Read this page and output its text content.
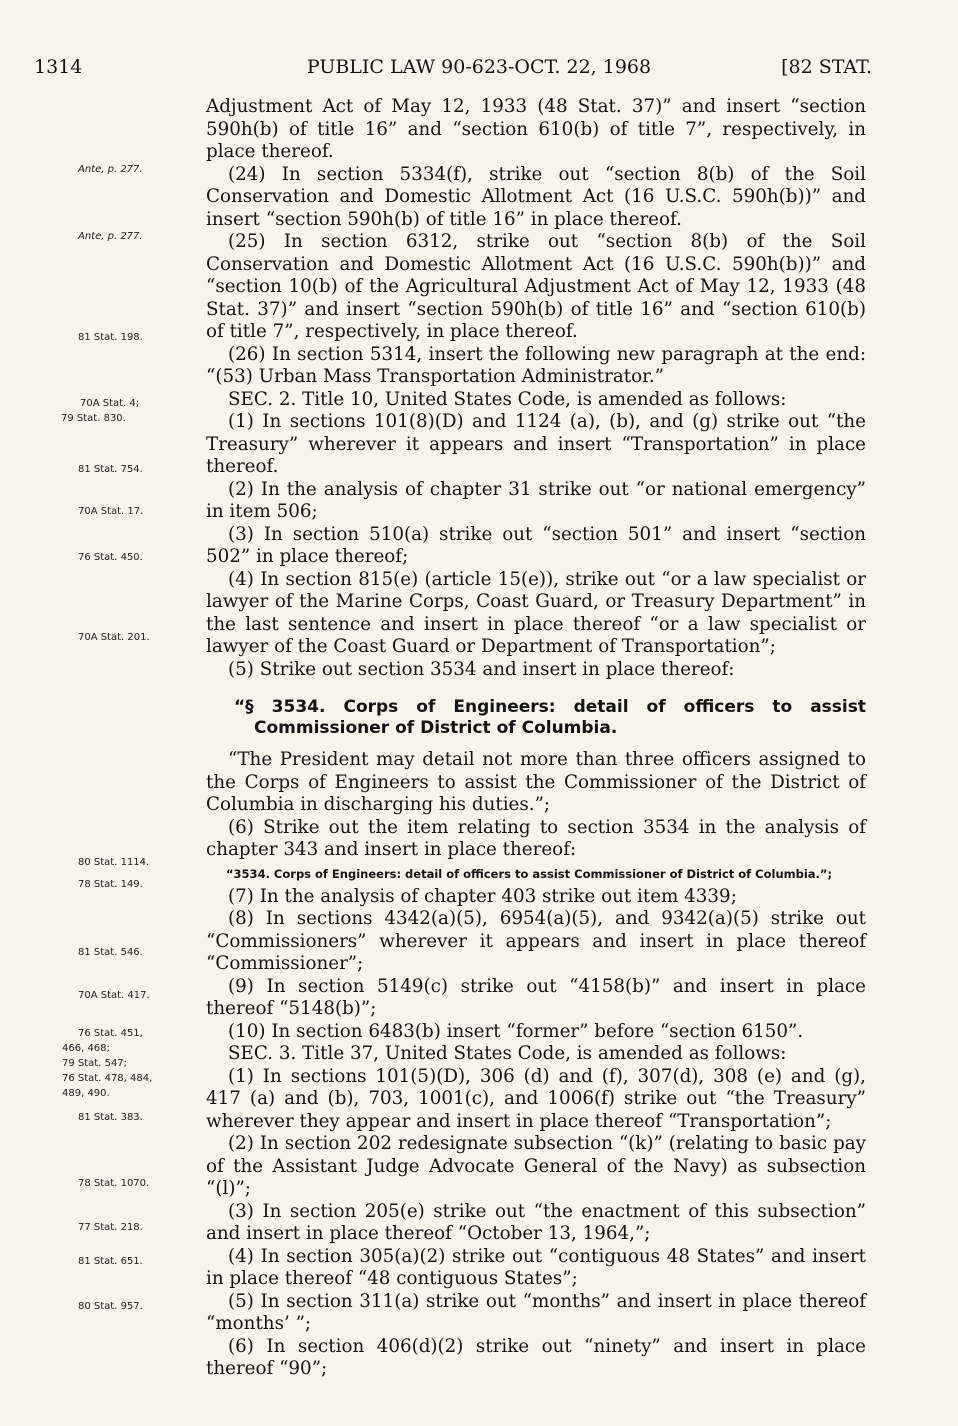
1314	PUBLIC LAW 90-623-OCT. 22, 1968	[82 STAT.
Ante, p. 277.
Ante, p. 277.
81 Stat. 198.
70A Stat. 4;
79 Stat. 830.
81 Stat. 754.
70A Stat. 17.
76 Stat. 450.
70A Stat. 201.
80 Stat. 1114.
78 Stat. 149.
81 Stat. 546.
70A Stat. 417.
76 Stat. 451,
466, 468;
79 Stat. 547;
76 Stat. 478, 484,
489, 490.
81 Stat. 383.
78 Stat. 1070.
77 Stat. 218.
81 Stat. 651.
80 Stat. 957.

Adjustment Act of May 12, 1933 (48 Stat. 37)” and insert “section 590h(b) of title 16” and “section 610(b) of title 7”, respectively, in place thereof.

(24) In section 5334(f), strike out “section 8(b) of the Soil Conservation and Domestic Allotment Act (16 U.S.C. 590h(b))” and insert “section 590h(b) of title 16” in place thereof.

(25) In section 6312, strike out “section 8(b) of the Soil Conservation and Domestic Allotment Act (16 U.S.C. 590h(b))” and “section 10(b) of the Agricultural Adjustment Act of May 12, 1933 (48 Stat. 37)” and insert “section 590h(b) of title 16” and “section 610(b) of title 7”, respectively, in place thereof.

(26) In section 5314, insert the following new paragraph at the end: “(53) Urban Mass Transportation Administrator.”

SEC. 2. Title 10, United States Code, is amended as follows:

(1) In sections 101(8)(D) and 1124 (a), (b), and (g) strike out “the Treasury” wherever it appears and insert “Transportation” in place thereof.

(2) In the analysis of chapter 31 strike out “or national emergency” in item 506;

(3) In section 510(a) strike out “section 501” and insert “section 502” in place thereof;

(4) In section 815(e) (article 15(e)), strike out “or a law specialist or lawyer of the Marine Corps, Coast Guard, or Treasury Department” in the last sentence and insert in place thereof “or a law specialist or lawyer of the Coast Guard or Department of Transportation”;

(5) Strike out section 3534 and insert in place thereof:

“§ 3534. Corps of Engineers: detail of officers to assist Commissioner of District of Columbia.

“The President may detail not more than three officers assigned to the Corps of Engineers to assist the Commissioner of the District of Columbia in discharging his duties.”;

(6) Strike out the item relating to section 3534 in the analysis of chapter 343 and insert in place thereof:

“3534. Corps of Engineers: detail of officers to assist Commissioner of District of Columbia.”;

(7) In the analysis of chapter 403 strike out item 4339;

(8) In sections 4342(a)(5), 6954(a)(5), and 9342(a)(5) strike out “Commissioners” wherever it appears and insert in place thereof “Commissioner”;

(9) In section 5149(c) strike out “4158(b)” and insert in place thereof “5148(b)”;

(10) In section 6483(b) insert “former” before “section 6150”.

SEC. 3. Title 37, United States Code, is amended as follows:

(1) In sections 101(5)(D), 306 (d) and (f), 307(d), 308 (e) and (g), 417 (a) and (b), 703, 1001(c), and 1006(f) strike out “the Treasury” wherever they appear and insert in place thereof “Transportation”;

(2) In section 202 redesignate subsection “(k)” (relating to basic pay of the Assistant Judge Advocate General of the Navy) as subsection “(l)”;

(3) In section 205(e) strike out “the enactment of this subsection” and insert in place thereof “October 13, 1964,”;

(4) In section 305(a)(2) strike out “contiguous 48 States” and insert in place thereof “48 contiguous States”;

(5) In section 311(a) strike out “months” and insert in place thereof “months’ ”;

(6) In section 406(d)(2) strike out “ninety” and insert in place thereof “90”;
